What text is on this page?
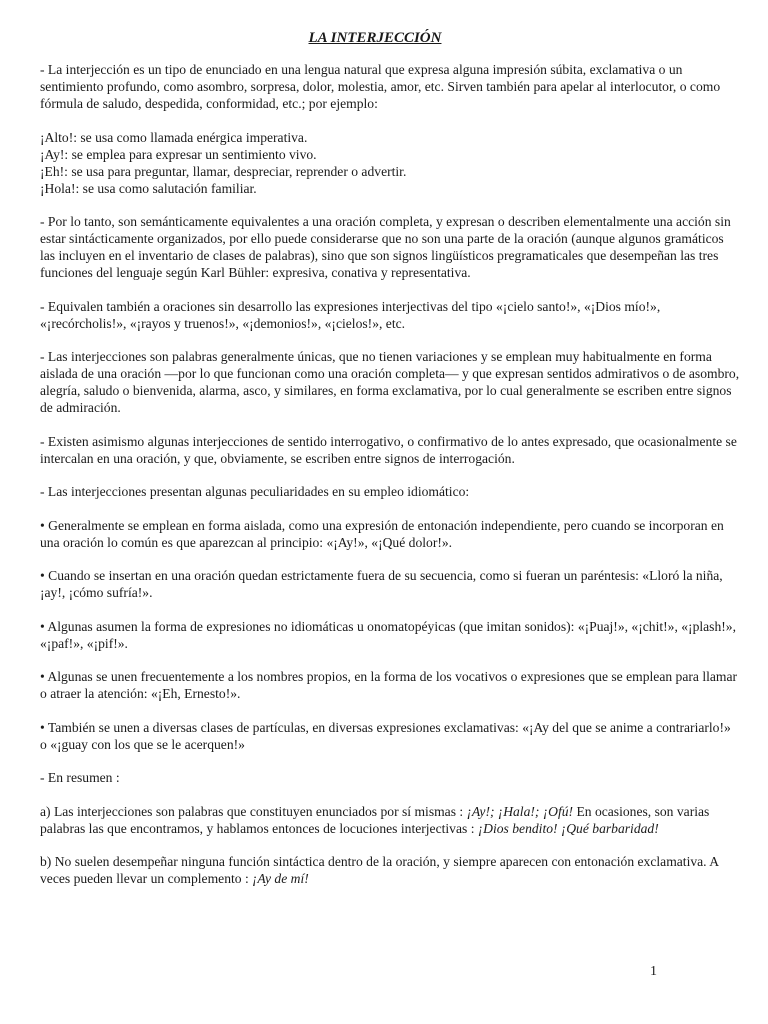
LA INTERJECCIÓN

- La interjección es un tipo de enunciado en una lengua natural que expresa alguna impresión súbita, exclamativa o un sentimiento profundo, como asombro, sorpresa, dolor, molestia, amor, etc. Sirven también para apelar al interlocutor, o como fórmula de saludo, despedida, conformidad, etc.; por ejemplo:

¡Alto!: se usa como llamada enérgica imperativa.
¡Ay!: se emplea para expresar un sentimiento vivo.
¡Eh!: se usa para preguntar, llamar, despreciar, reprender o advertir.
¡Hola!: se usa como salutación familiar.

- Por lo tanto, son semánticamente equivalentes a una oración completa, y expresan o describen elementalmente una acción sin estar sintácticamente organizados, por ello puede considerarse que no son una parte de la oración (aunque algunos gramáticos las incluyen en el inventario de clases de palabras), sino que son signos lingüísticos pregramaticales que desempeñan las tres funciones del lenguaje según Karl Bühler: expresiva, conativa y representativa.

- Equivalen también a oraciones sin desarrollo las expresiones interjectivas del tipo «¡cielo santo!», «¡Dios mío!», «¡recórcholis!», «¡rayos y truenos!», «¡demonios!», «¡cielos!», etc.

- Las interjecciones son palabras generalmente únicas, que no tienen variaciones y se emplean muy habitualmente en forma aislada de una oración —por lo que funcionan como una oración completa— y que expresan sentidos admirativos o de asombro, alegría, saludo o bienvenida, alarma, asco, y similares, en forma exclamativa, por lo cual generalmente se escriben entre signos de admiración.

- Existen asimismo algunas interjecciones de sentido interrogativo, o confirmativo de lo antes expresado, que ocasionalmente se intercalan en una oración, y que, obviamente, se escriben entre signos de interrogación.

- Las interjecciones presentan algunas peculiaridades en su empleo idiomático:

• Generalmente se emplean en forma aislada, como una expresión de entonación independiente, pero cuando se incorporan en una oración lo común es que aparezcan al principio: «¡Ay!», «¡Qué dolor!».

• Cuando se insertan en una oración quedan estrictamente fuera de su secuencia, como si fueran un paréntesis: «Lloró la niña, ¡ay!, ¡cómo sufría!».

• Algunas asumen la forma de expresiones no idiomáticas u onomatopéyicas (que imitan sonidos): «¡Puaj!», «¡chit!», «¡plash!», «¡paf!», «¡pif!».

• Algunas se unen frecuentemente a los nombres propios, en la forma de los vocativos o expresiones que se emplean para llamar o atraer la atención: «¡Eh, Ernesto!».

• También se unen a diversas clases de partículas, en diversas expresiones exclamativas: «¡Ay del que se anime a contrariarlo!» o «¡guay con los que se le acerquen!»

- En resumen :

a) Las interjecciones son palabras que constituyen enunciados por sí mismas : ¡Ay!; ¡Hala!; ¡Ofú! En ocasiones, son varias palabras las que encontramos, y hablamos entonces de locuciones interjectivas : ¡Dios bendito! ¡Qué barbaridad!

b) No suelen desempeñar ninguna función sintáctica dentro de la oración, y siempre aparecen con entonación exclamativa. A veces pueden llevar un complemento : ¡Ay de mí!

1
